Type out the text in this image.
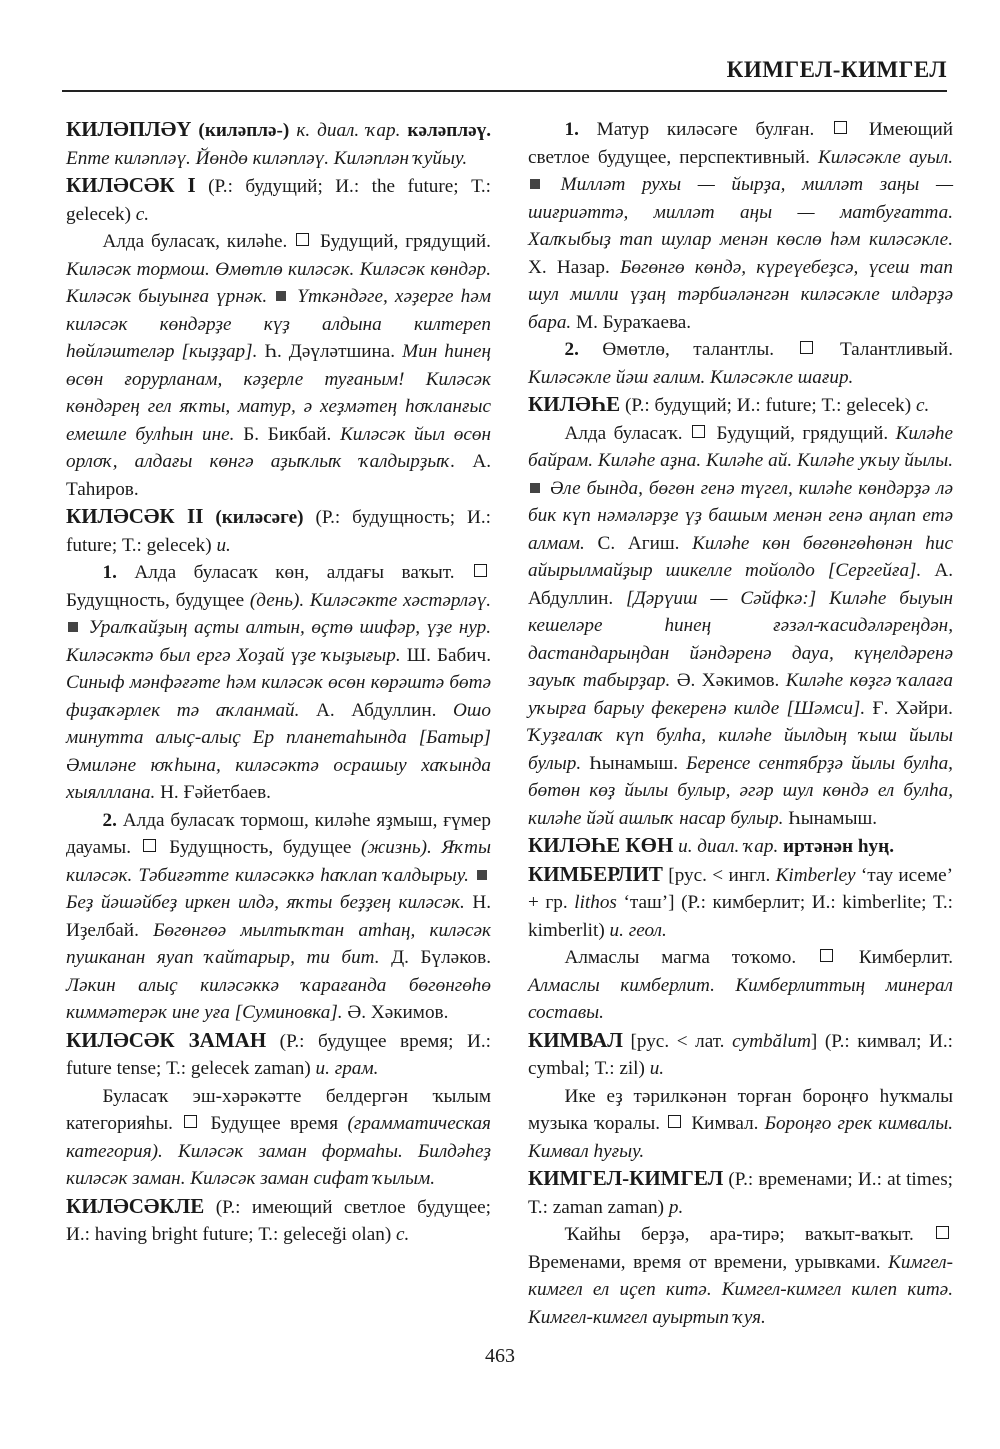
КИМГЕЛ-КИМГЕЛ

КИЛӘПЛӘҮ (киләплә-) к. диал. ҡар. кәләпләү. Епте киләпләү. Йөндө киләпләү. Киләплән ҡуйыу.

КИЛӘСӘК I (Р.: будущий; И.: the future; Т.: gelecek) с.

Алда буласаҡ, киләһе.  Будущий, грядущий. Киләсәк тормош. Өмөтлө киләсәк. Киләсәк көндәр. Киләсәк быуынға үрнәк.  Үткәндәге, хәҙерге һәм киләсәк көндәрҙе күҙ алдына килтереп һөйләштеләр [кыҙҙар]. Һ. Дәүләтшина. Мин һинең өсөн ғорурланам, кәҙерле туғаным! Киләсәк көндәрең гел яҡты, матур, ә хеҙмәтең һоҡланғыс емешле булһын ине. Б. Бикбай. Киләсәк йыл өсөн орлоҡ, алдағы көнгә аҙыҡлыҡ ҡалдырҙыҡ. А. Таһиров.

КИЛӘСӘК II (киләсәге) (Р.: будущность; И.: future; Т.: gelecek) и.

1. Алда буласаҡ көн, алдағы ваҡыт.  Будущность, будущее (день). Киләсәкте хәстәрләү.  Уралҡайҙың аҫты алтын, өҫтө шифәр, үҙе нур. Киләсәктә был ергә Хоҙай үҙе ҡыҙығыр. Ш. Бабич. Синыф мәнфәғәте һәм киләсәк өсөн көрәштә бөтә фиҙаҡәрлек тә аҡланмай. А. Абдуллин. Ошо минутта алыҫ-алыҫ Ер планетаһында [Батыр] Әмиләне юҡһына, киләсәктә осрашыу хаҡында хыялллана. Н. Ғәйетбаев.

2. Алда буласаҡ тормош, киләһе яҙмыш, ғүмер дауамы.  Будущность, будущее (жизнь). Яҡты киләсәк. Тәбиғәтте киләсәккә һаҡлап ҡалдырыу.  Беҙ йәшәйбеҙ иркен илдә, яҡты беҙҙең киләсәк. Н. Иҙелбай. Бөгөнгөә мылтыҡтан атһаң, киләсәк пушканан яуап ҡайтарыр, ти бит. Д. Бүләков. Ләкин алыҫ киләсәккә ҡарағанда бөгөнгөһө киммәтерәк ине уға [Суминовка]. Ә. Хәкимов.

КИЛӘСӘК ЗАМАН (Р.: будущее время; И.: future tense; Т.: gelecek zaman) и. грам.

Буласаҡ эш-хәрәкәтте белдергән ҡылым категорияһы.  Будущее время (грамматическая категория). Киләсәк заман формаһы. Билдәһеҙ киләсәк заман. Киләсәк заман сифат ҡылым.

КИЛӘСӘКЛЕ (Р.: имеющий светлое будущее; И.: having bright future; Т.: geleceği olan) с.

1. Матур киләсәге булған.  Имеющий светлое будущее, перспективный. Киләсәкле ауыл.  Милләт рухы — йырҙа, милләт заңы — шиғриәттә, милләт аңы — матбуғатта. Халҡыбыҙ тап шулар менән көслө һәм киләсәкле. Х. Назар. Бөгөнгө көндә, күреүебеҙсә, үсеш тап шул милли үҙаң тәрбиәләнгән киләсәкле илдәрҙә бара. М. Бураҡаева.

2. Өмөтлө, талантлы.  Талантливый. Киләсәкле йәш ғалим. Киләсәкле шағир.

КИЛӘҺЕ (Р.: будущий; И.: future; Т.: gelecek) с.

Алда буласаҡ.  Будущий, грядущий. Киләһе байрам. Киләһе аҙна. Киләһе ай. Киләһе уҡыу йылы.  Әле бында, бөгөн генә түгел, киләһе көндәрҙә лә бик күп нәмәләрҙе үҙ башым менән генә аңлап етә алмам. С. Агиш. Киләһе көн бөгөнгөһөнән һис айырылмайҙыр шикелле тойолдо [Сергейға]. А. Абдуллин. [Дәрүиш — Сәйфкә:] Киләһе быуын кешеләре һинең ғәзәл-ҡасидәләреңдән, дастандарыңдан йәндәренә дауа, күңелдәренә зауыҡ табырҙар. Ә. Хәкимов. Киләһе көҙгә ҡалаға уҡырға барыу фекеренә килде [Шәмси]. Ғ. Хәйри. Ҡуҙғалаҡ күп булһа, киләһе йылдың ҡыш йылы булыр. Һынамыш. Беренсе сентябрҙә йылы булһа, бөтөн көҙ йылы булыр, әгәр шул көндә ел булһа, киләһе йәй ашлыҡ насар булыр. Һынамыш.

КИЛӘҺЕ КӨН и. диал. ҡар. иртәнән һуң.

КИМБЕРЛИТ [рус. < ингл. Kimberley ‘тау исеме’ + гр. lithos ‘таш’] (Р.: кимберлит; И.: kimberlite; Т.: kimberlit) и. геол.

Алмаслы магма тоҡомо.  Кимберлит. Алмаслы кимберлит. Кимберлиттың минерал составы.

КИМВАЛ [рус. < лат. cymbălum] (Р.: кимвал; И.: cymbal; Т.: zil) и.

Ике еҙ тәрилкәнән торған бороңғо һуҡмалы музыка ҡоралы.  Кимвал. Бороңғо грек кимвалы. Кимвал һуғыу.

КИМГЕЛ-КИМГЕЛ (Р.: временами; И.: at times; Т.: zaman zaman) р.

Ҡайһы берҙә, ара-тирә; ваҡыт-ваҡыт.  Временами, время от времени, урывками. Кимгел-кимгел ел иҫеп китә. Кимгел-кимгел килеп китә. Кимгел-кимгел ауыртып ҡуя.

463
